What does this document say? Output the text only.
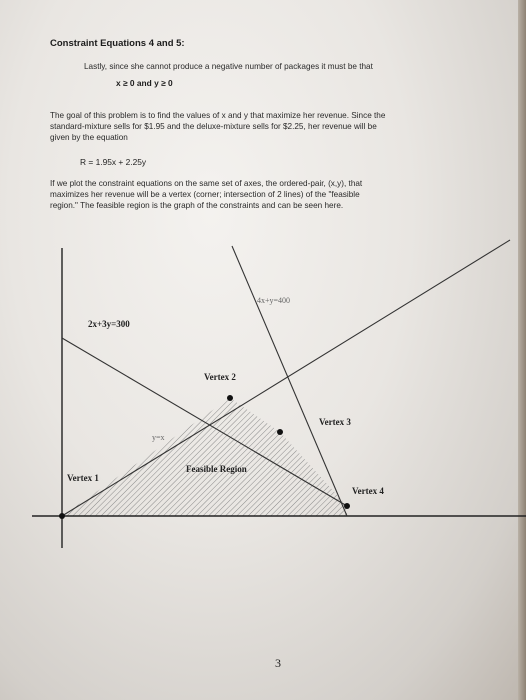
Constraint Equations 4 and 5:
Lastly, since she cannot produce a negative number of packages it must be that
x ≥ 0 and y ≥ 0
The goal of this problem is to find the values of x and y that maximize her revenue. Since the
standard-mixture sells for $1.95 and the deluxe-mixture sells for $2.25, her revenue will be
given by the equation
R = 1.95x + 2.25y
If we plot the constraint equations on the same set of axes, the ordered-pair, (x,y), that
maximizes her revenue will be a vertex (corner; intersection of 2 lines) of the "feasible
region." The feasible region is the graph of the constraints and can be seen here.
4x+y=400
2x+3y=300
y=x
Vertex 1
Vertex 2
Vertex 3
Vertex 4
Feasible Region
3
